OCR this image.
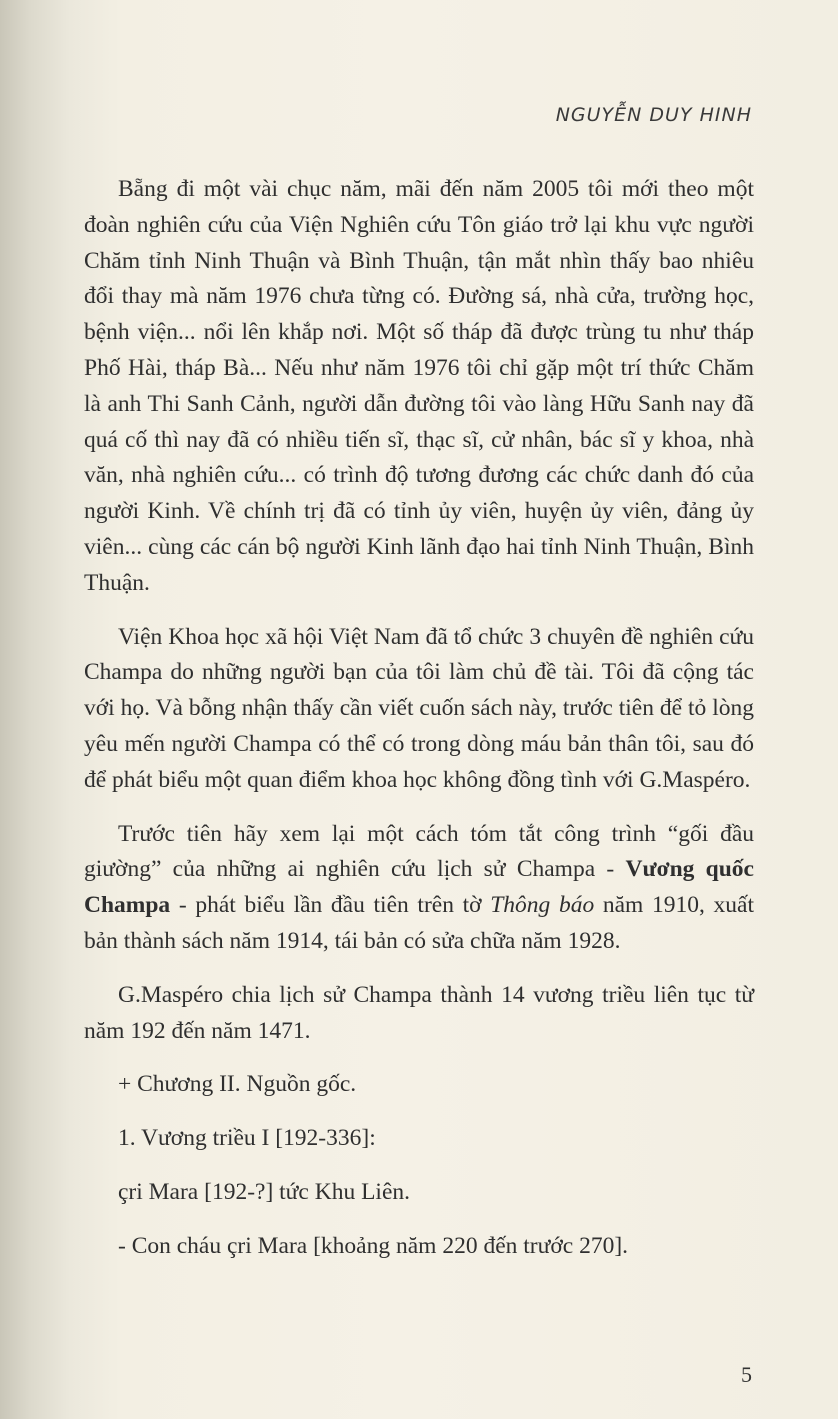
NGUYỄN DUY HINH

Bẵng đi một vài chục năm, mãi đến năm 2005 tôi mới theo một đoàn nghiên cứu của Viện Nghiên cứu Tôn giáo trở lại khu vực người Chăm tỉnh Ninh Thuận và Bình Thuận, tận mắt nhìn thấy bao nhiêu đổi thay mà năm 1976 chưa từng có. Đường sá, nhà cửa, trường học, bệnh viện... nổi lên khắp nơi. Một số tháp đã được trùng tu như tháp Phố Hài, tháp Bà... Nếu như năm 1976 tôi chỉ gặp một trí thức Chăm là anh Thi Sanh Cảnh, người dẫn đường tôi vào làng Hữu Sanh nay đã quá cố thì nay đã có nhiều tiến sĩ, thạc sĩ, cử nhân, bác sĩ y khoa, nhà văn, nhà nghiên cứu... có trình độ tương đương các chức danh đó của người Kinh. Về chính trị đã có tỉnh ủy viên, huyện ủy viên, đảng ủy viên... cùng các cán bộ người Kinh lãnh đạo hai tỉnh Ninh Thuận, Bình Thuận.

Viện Khoa học xã hội Việt Nam đã tổ chức 3 chuyên đề nghiên cứu Champa do những người bạn của tôi làm chủ đề tài. Tôi đã cộng tác với họ. Và bỗng nhận thấy cần viết cuốn sách này, trước tiên để tỏ lòng yêu mến người Champa có thể có trong dòng máu bản thân tôi, sau đó để phát biểu một quan điểm khoa học không đồng tình với G.Maspéro.

Trước tiên hãy xem lại một cách tóm tắt công trình “gối đầu giường” của những ai nghiên cứu lịch sử Champa - Vương quốc Champa - phát biểu lần đầu tiên trên tờ Thông báo năm 1910, xuất bản thành sách năm 1914, tái bản có sửa chữa năm 1928.

G.Maspéro chia lịch sử Champa thành 14 vương triều liên tục từ năm 192 đến năm 1471.

+ Chương II. Nguồn gốc.

1. Vương triều I [192-336]:

çri Mara [192-?] tức Khu Liên.

- Con cháu çri Mara [khoảng năm 220 đến trước 270].

5
